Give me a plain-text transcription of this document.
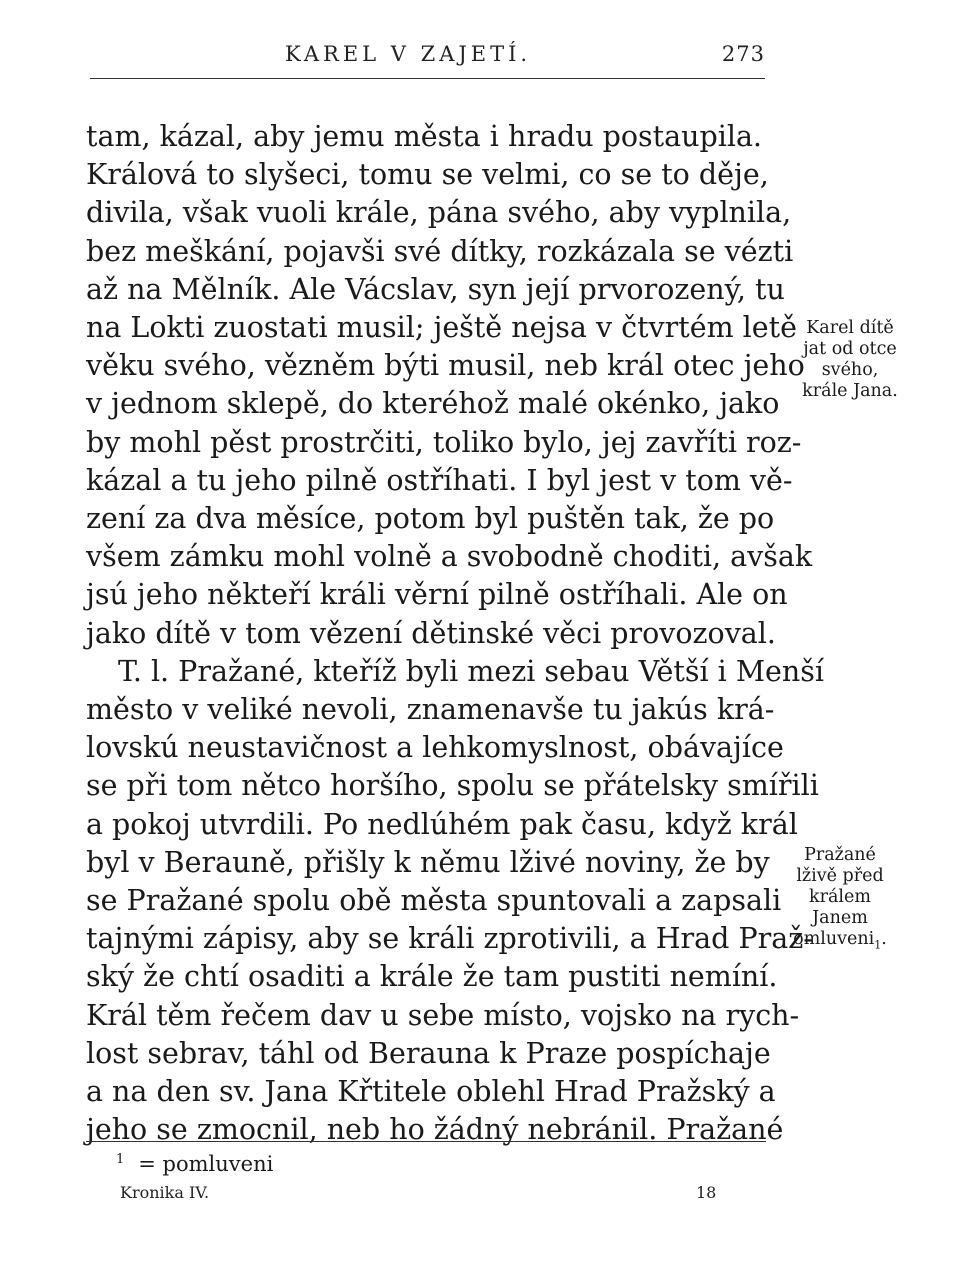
KAREL V ZAJETÍ.	273
tam, kázal, aby jemu města i hradu postaupila.
Králová to slyšeci, tomu se velmi, co se to děje,
divila, však vuoli krále, pána svého, aby vyplnila,
bez meškání, pojavši své dítky, rozkázala se vézti
až na Mělník. Ale Vácslav, syn její prvorozený, tu
na Lokti zuostati musil; ještě nejsa v čtvrtém letě
věku svého, vězněm býti musil, neb král otec jeho
v jednom sklepě, do kteréhož malé okénko, jako
by mohl pěst prostrčiti, toliko bylo, jej zavříti roz-
kázal a tu jeho pilně ostříhati. I byl jest v tom vě-
zení za dva měsíce, potom byl puštěn tak, že po
všem zámku mohl volně a svobodně choditi, avšak
jsú jeho někteří králi věrní pilně ostříhali. Ale on
jako dítě v tom vězení dětinské věci provozoval.
T. l. Pražané, kteříž byli mezi sebau Větší i Menší
město v veliké nevoli, znamenavše tu jakús krá-
lovskú neustavičnost a lehkomyslnost, obávajíce
se při tom nětco horšího, spolu se přátelsky smířili
a pokoj utvrdili. Po nedlúhém pak času, když král
byl v Berauně, přišly k němu lživé noviny, že by
se Pražané spolu obě města spuntovali a zapsali
tajnými zápisy, aby se králi zprotivili, a Hrad Praž-
ský že chtí osaditi a krále že tam pustiti nemíní.
Král těm řečem dav u sebe místo, vojsko na rych-
lost sebrav, táhl od Berauna k Praze pospíchaje
a na den sv. Jana Křtitele oblehl Hrad Pražský a
jeho se zmocnil, neb ho žádný nebránil. Pražané
Karel dítě
jat od otce
svého,
krále Jana.
Pražané
lživě před
králem
Janem
omluveni$_1$.
$^1$ = pomluveni
Kronika IV.	18
